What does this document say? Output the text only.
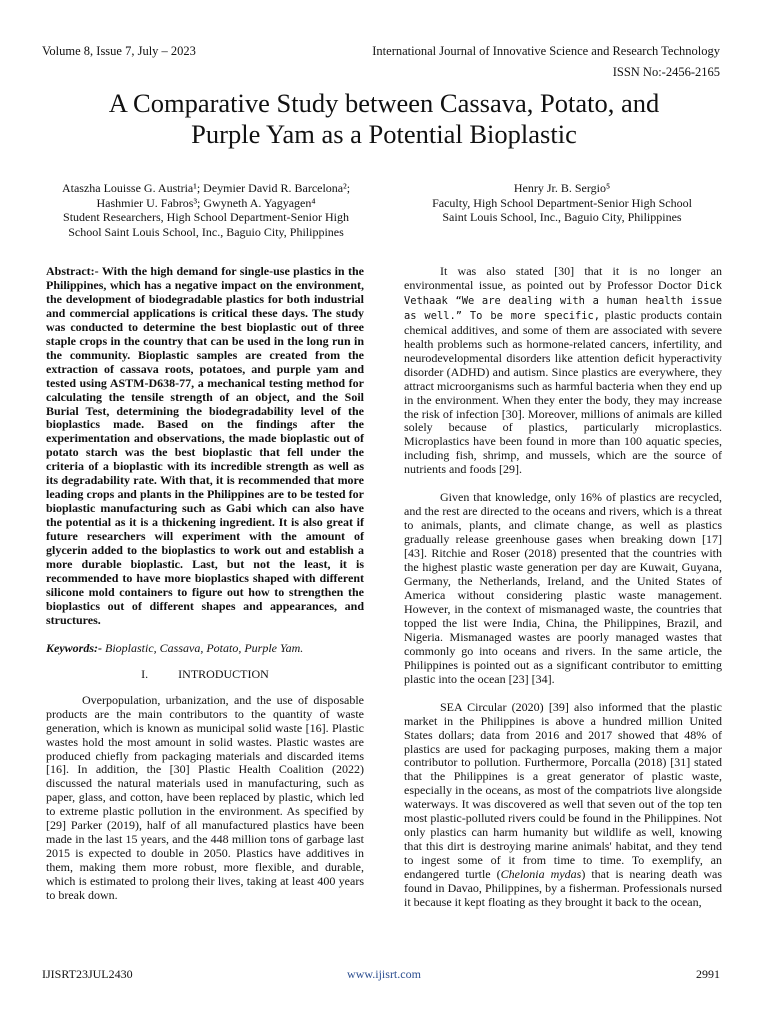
Volume 8, Issue 7, July – 2023	International Journal of Innovative Science and Research Technology
ISSN No:-2456-2165
A Comparative Study between Cassava, Potato, and
Purple Yam as a Potential Bioplastic
Ataszha Louisse G. Austria¹; Deymier David R. Barcelona²;
Hashmier U. Fabros³; Gwyneth A. Yagyagen⁴
Student Researchers, High School Department-Senior High
School Saint Louis School, Inc., Baguio City, Philippines
Henry Jr. B. Sergio⁵
Faculty, High School Department-Senior High School
Saint Louis School, Inc., Baguio City, Philippines

Abstract:- With the high demand for single-use plastics in the Philippines, which has a negative impact on the environment, the development of biodegradable plastics for both industrial and commercial applications is critical these days. The study was conducted to determine the best bioplastic out of three staple crops in the country that can be used in the long run in the community. Bioplastic samples are created from the extraction of cassava roots, potatoes, and purple yam and tested using ASTM-D638-77, a mechanical testing method for calculating the tensile strength of an object, and the Soil Burial Test, determining the biodegradability level of the bioplastics made. Based on the findings after the experimentation and observations, the made bioplastic out of potato starch was the best bioplastic that fell under the criteria of a bioplastic with its incredible strength as well as its degradability rate. With that, it is recommended that more leading crops and plants in the Philippines are to be tested for bioplastic manufacturing such as Gabi which can also have the potential as it is a thickening ingredient. It is also great if future researchers will experiment with the amount of glycerin added to the bioplastics to work out and establish a more durable bioplastic. Last, but not the least, it is recommended to have more bioplastics shaped with different silicone mold containers to figure out how to strengthen the bioplastics out of different shapes and appearances, and structures.

Keywords:- Bioplastic, Cassava, Potato, Purple Yam.

I.	INTRODUCTION

Overpopulation, urbanization, and the use of disposable products are the main contributors to the quantity of waste generation, which is known as municipal solid waste [16]. Plastic wastes hold the most amount in solid wastes. Plastic wastes are produced chiefly from packaging materials and discarded items [16]. In addition, the [30] Plastic Health Coalition (2022) discussed the natural materials used in manufacturing, such as paper, glass, and cotton, have been replaced by plastic, which led to extreme plastic pollution in the environment. As specified by [29] Parker (2019), half of all manufactured plastics have been made in the last 15 years, and the 448 million tons of garbage last 2015 is expected to double in 2050. Plastics have additives in them, making them more robust, more flexible, and durable, which is estimated to prolong their lives, taking at least 400 years to break down.

It was also stated [30] that it is no longer an environmental issue, as pointed out by Professor Doctor Dick Vethaak “We are dealing with a human health issue as well.” To be more specific, plastic products contain chemical additives, and some of them are associated with severe health problems such as hormone-related cancers, infertility, and neurodevelopmental disorders like attention deficit hyperactivity disorder (ADHD) and autism. Since plastics are everywhere, they attract microorganisms such as harmful bacteria when they end up in the environment. When they enter the body, they may increase the risk of infection [30]. Moreover, millions of animals are killed solely because of plastics, particularly microplastics. Microplastics have been found in more than 100 aquatic species, including fish, shrimp, and mussels, which are the source of nutrients and foods [29].

Given that knowledge, only 16% of plastics are recycled, and the rest are directed to the oceans and rivers, which is a threat to animals, plants, and climate change, as well as plastics gradually release greenhouse gases when breaking down [17] [43]. Ritchie and Roser (2018) presented that the countries with the highest plastic waste generation per day are Kuwait, Guyana, Germany, the Netherlands, Ireland, and the United States of America without considering plastic waste management. However, in the context of mismanaged waste, the countries that topped the list were India, China, the Philippines, Brazil, and Nigeria. Mismanaged wastes are poorly managed wastes that commonly go into oceans and rivers. In the same article, the Philippines is pointed out as a significant contributor to emitting plastic into the ocean [23] [34].

SEA Circular (2020) [39] also informed that the plastic market in the Philippines is above a hundred million United States dollars; data from 2016 and 2017 showed that 48% of plastics are used for packaging purposes, making them a major contributor to pollution. Furthermore, Porcalla (2018) [31] stated that the Philippines is a great generator of plastic waste, especially in the oceans, as most of the compatriots live alongside waterways. It was discovered as well that seven out of the top ten most plastic-polluted rivers could be found in the Philippines. Not only plastics can harm humanity but wildlife as well, knowing that this dirt is destroying marine animals' habitat, and they tend to ingest some of it from time to time. To exemplify, an endangered turtle (Chelonia mydas) that is nearing death was found in Davao, Philippines, by a fisherman. Professionals nursed it because it kept floating as they brought it back to the ocean,

IJISRT23JUL2430	www.ijisrt.com	2991
